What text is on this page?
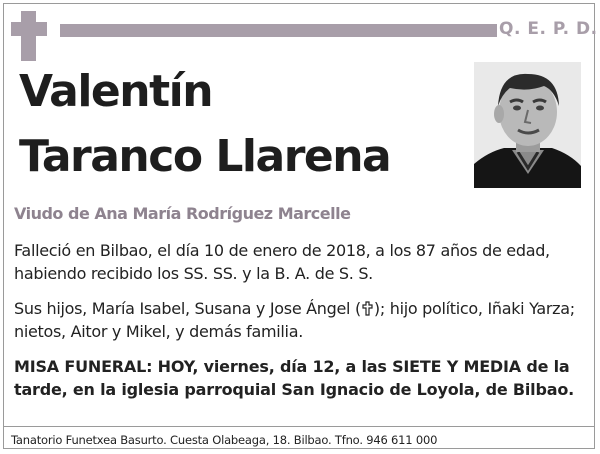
Q. E. P. D.
Valentín
Taranco Llarena
Viudo de Ana María Rodríguez Marcelle
Falleció en Bilbao, el día 10 de enero de 2018, a los 87 años de edad, habiendo recibido los SS. SS. y la B. A. de S. S.
Sus hijos, María Isabel, Susana y Jose Ángel ( ); hijo político, Iñaki Yarza; nietos, Aitor y Mikel, y demás familia.
MISA FUNERAL: HOY, viernes, día 12, a las SIETE Y MEDIA de la tarde, en la iglesia parroquial San Ignacio de Loyola, de Bilbao.
Tanatorio Funetxea Basurto. Cuesta Olabeaga, 18. Bilbao. Tfno. 946 611 000
